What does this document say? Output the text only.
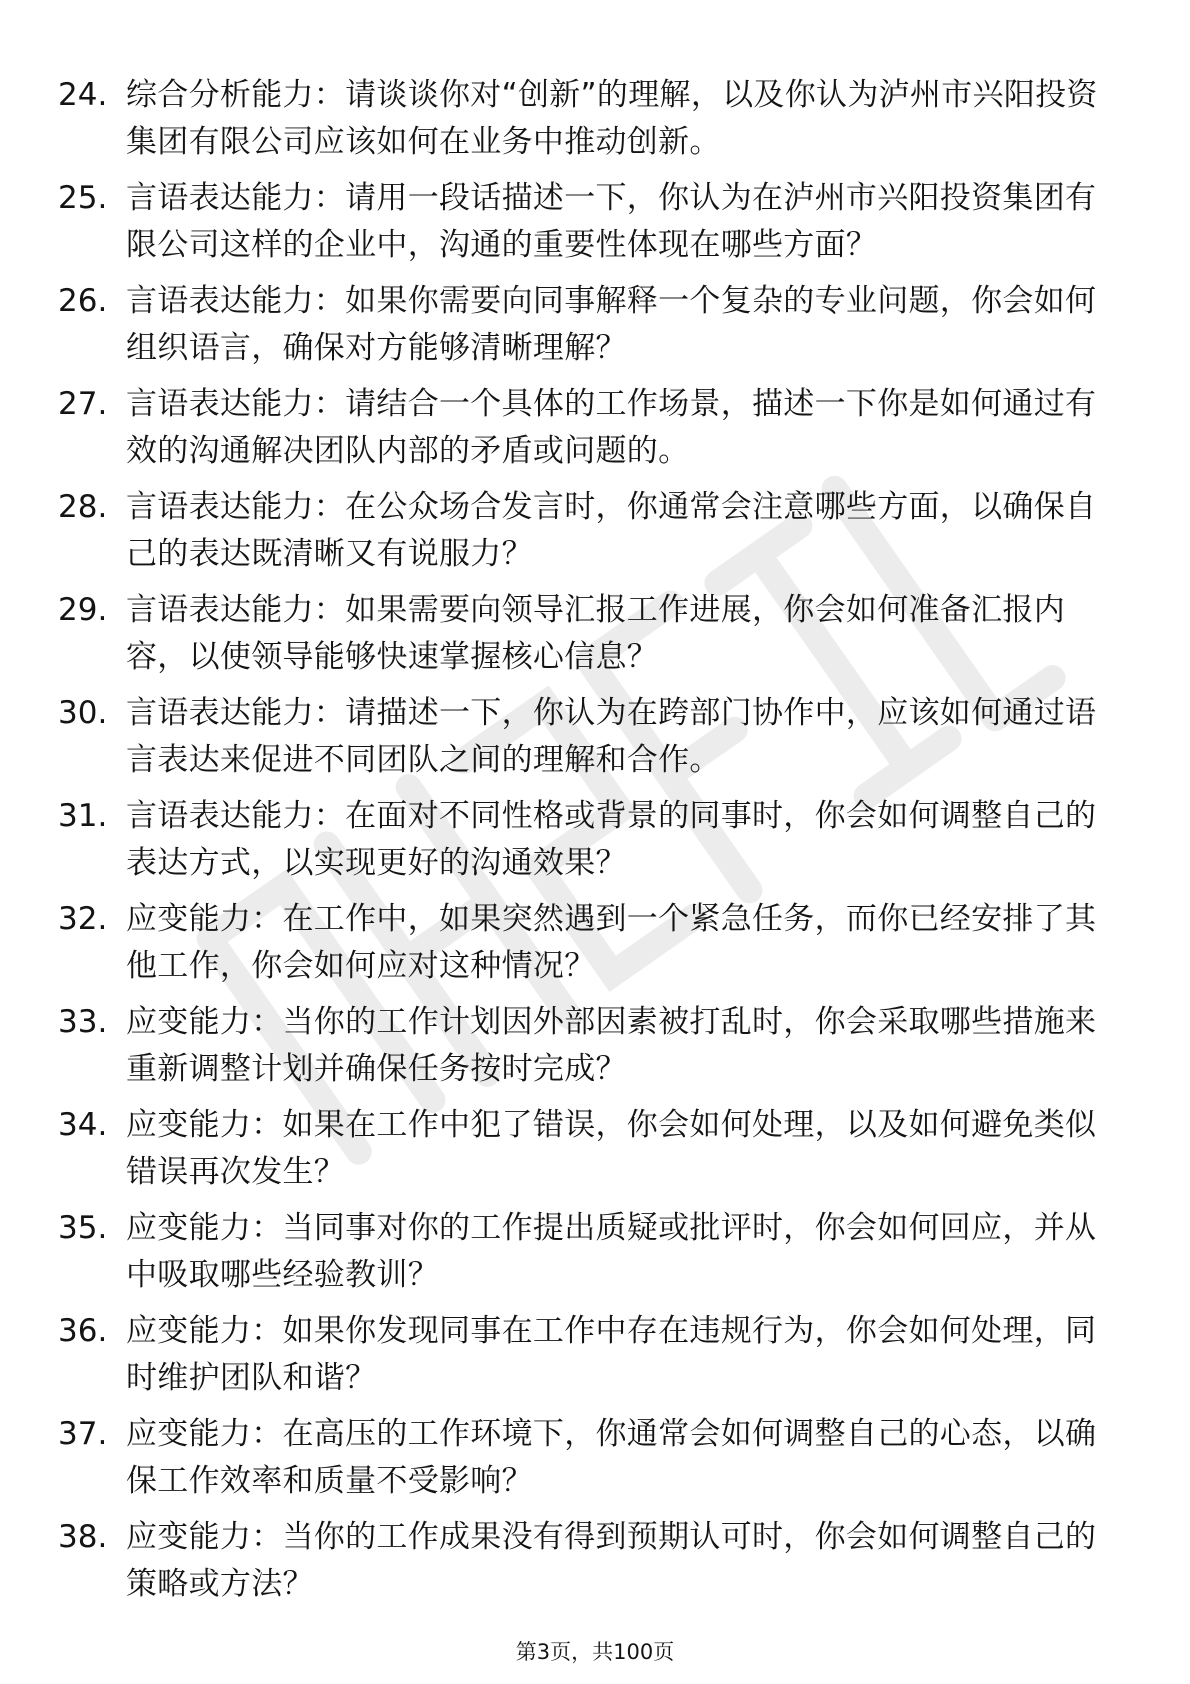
24. 综合分析能力：请谈谈你对“创新”的理解，以及你认为泸州市兴阳投资集团有限公司应该如何在业务中推动创新。
25. 言语表达能力：请用一段话描述一下，你认为在泸州市兴阳投资集团有限公司这样的企业中，沟通的重要性体现在哪些方面？
26. 言语表达能力：如果你需要向同事解释一个复杂的专业问题，你会如何组织语言，确保对方能够清晰理解？
27. 言语表达能力：请结合一个具体的工作场景，描述一下你是如何通过有效的沟通解决团队内部的矛盾或问题的。
28. 言语表达能力：在公众场合发言时，你通常会注意哪些方面，以确保自己的表达既清晰又有说服力？
29. 言语表达能力：如果需要向领导汇报工作进展，你会如何准备汇报内容，以使领导能够快速掌握核心信息？
30. 言语表达能力：请描述一下，你认为在跨部门协作中，应该如何通过语言表达来促进不同团队之间的理解和合作。
31. 言语表达能力：在面对不同性格或背景的同事时，你会如何调整自己的表达方式，以实现更好的沟通效果？
32. 应变能力：在工作中，如果突然遇到一个紧急任务，而你已经安排了其他工作，你会如何应对这种情况？
33. 应变能力：当你的工作计划因外部因素被打乱时，你会采取哪些措施来重新调整计划并确保任务按时完成？
34. 应变能力：如果在工作中犯了错误，你会如何处理，以及如何避免类似错误再次发生？
35. 应变能力：当同事对你的工作提出质疑或批评时，你会如何回应，并从中吸取哪些经验教训？
36. 应变能力：如果你发现同事在工作中存在违规行为，你会如何处理，同时维护团队和谐？
37. 应变能力：在高压的工作环境下，你通常会如何调整自己的心态，以确保工作效率和质量不受影响？
38. 应变能力：当你的工作成果没有得到预期认可时，你会如何调整自己的策略或方法？
第3页，共100页
